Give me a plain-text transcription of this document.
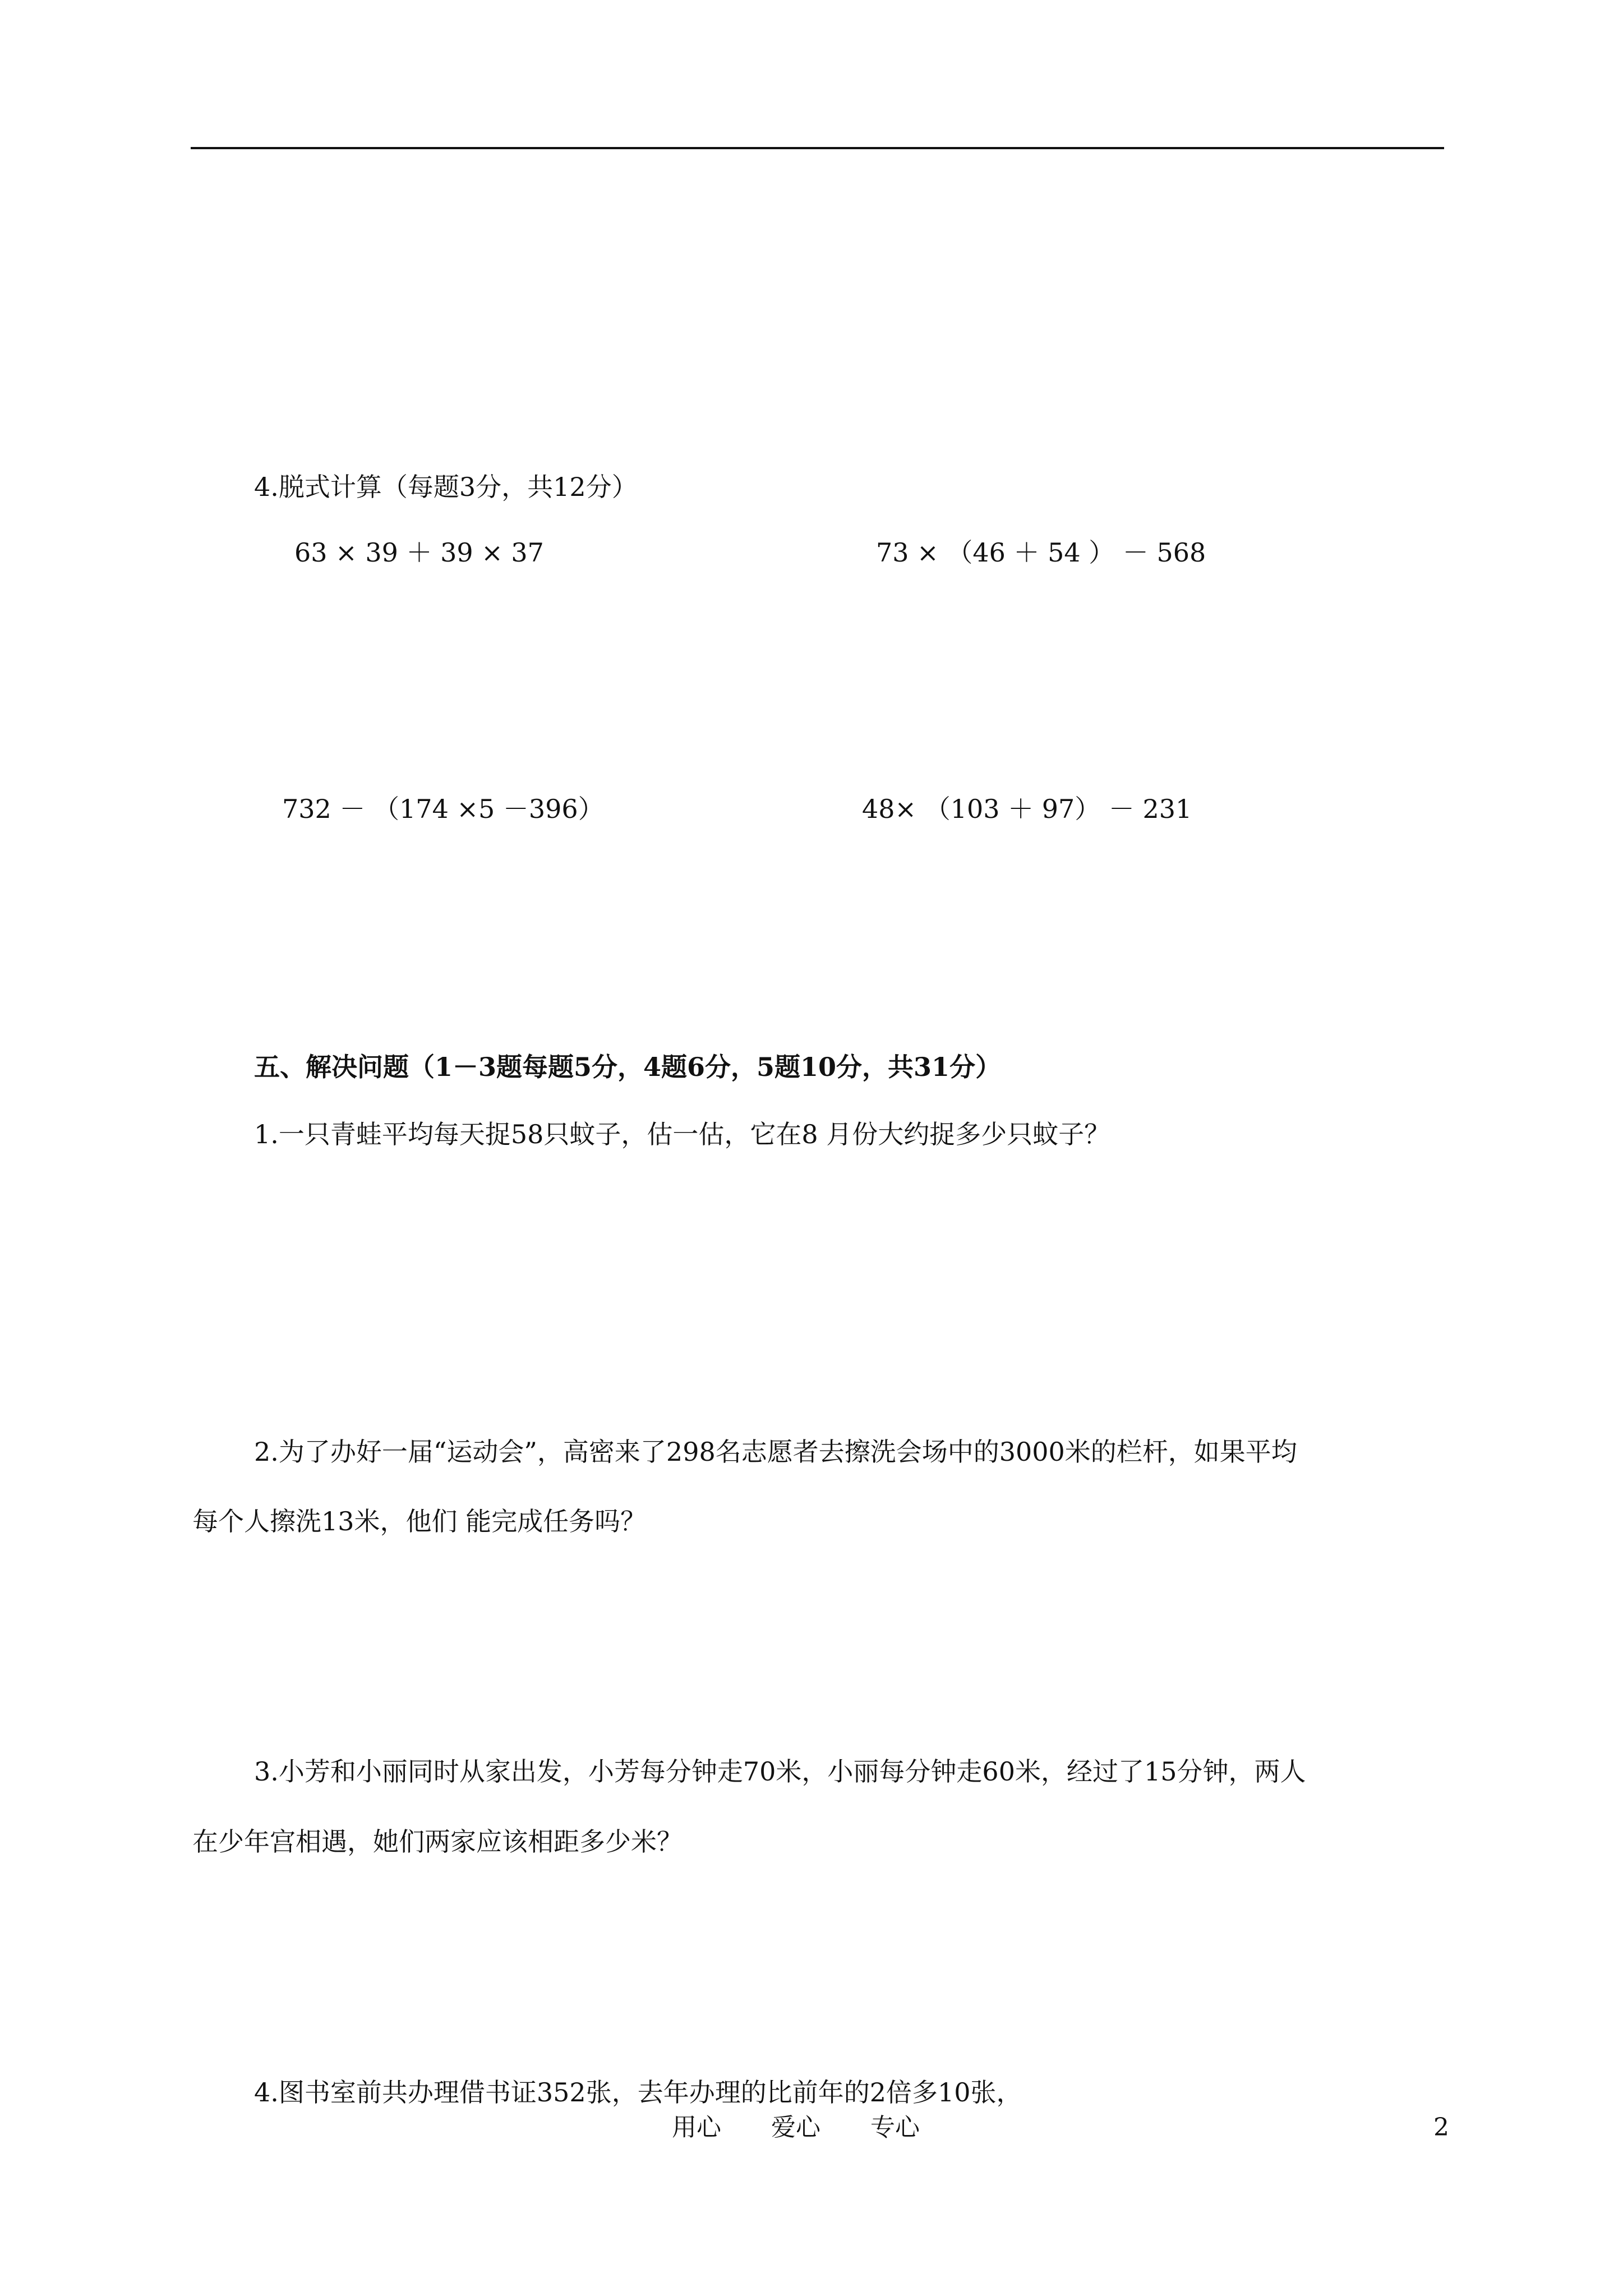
4.脱式计算（每题3分，共12分）
63 × 39 ＋ 39 × 37	73 × （46 ＋ 54 ） － 568
732 － （174 ×5 －396）	48× （103 ＋ 97） － 231
五、解决问题（1－3题每题5分，4题6分，5题10分，共31分）
1.一只青蛙平均每天捉58只蚊子，估一估，它在8 月份大约捉多少只蚊子？
2.为了办好一届“运动会”，高密来了298名志愿者去擦洗会场中的3000米的栏杆，如果平均
每个人擦洗13米，他们 能完成任务吗？
3.小芳和小丽同时从家出发，小芳每分钟走70米，小丽每分钟走60米，经过了15分钟，两人
在少年宫相遇，她们两家应该相距多少米？
4.图书室前共办理借书证352张，去年办理的比前年的2倍多10张，
用心 爱心 专心	2
